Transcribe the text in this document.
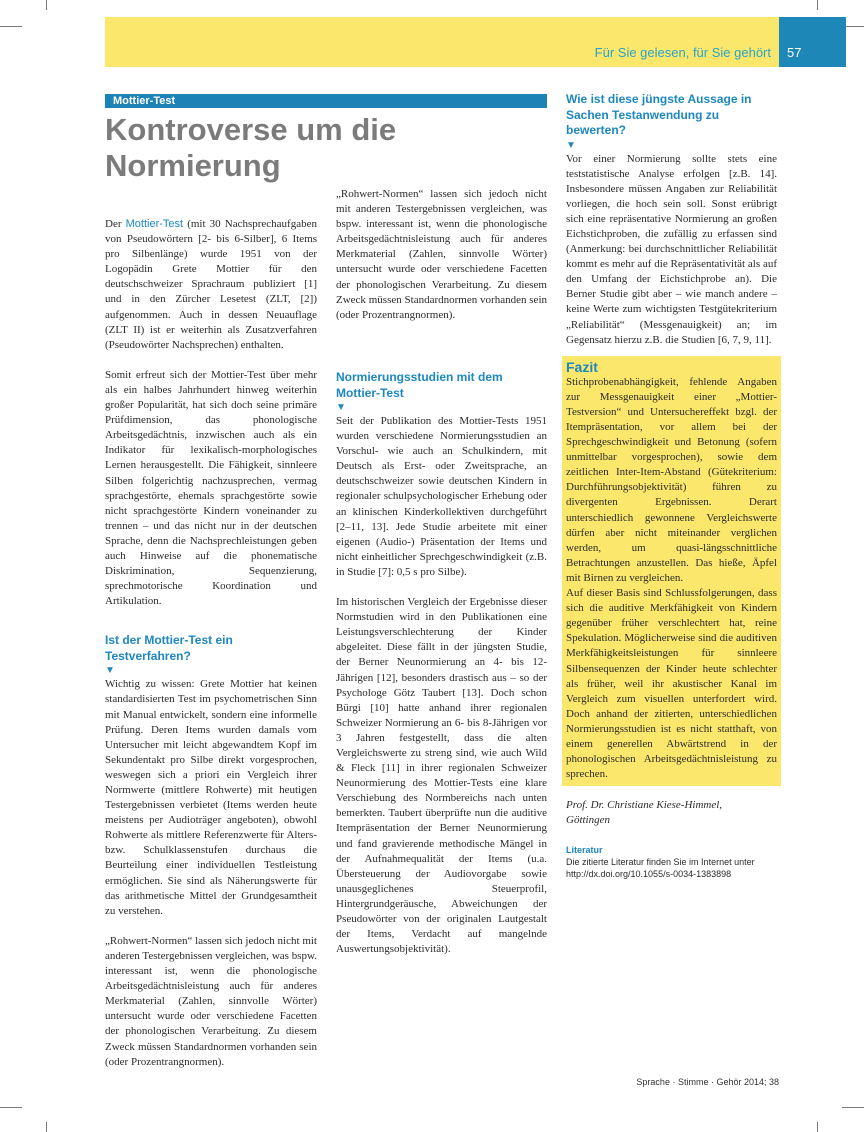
Für Sie gelesen, für Sie gehört 57
Mottier-Test
Kontroverse um die Normierung

Der Mottier-Test (mit 30 Nachsprechaufgaben von Pseudowörtern [2- bis 6-Silber], 6 Items pro Silbenlänge) wurde 1951 von der Logopädin Grete Mottier für den deutschschweizer Sprachraum publiziert [1] und in den Zürcher Lesetest (ZLT, [2]) aufgenommen. Auch in dessen Neuauflage (ZLT II) ist er weiterhin als Zusatzverfahren (Pseudowörter Nachsprechen) enthalten.

Somit erfreut sich der Mottier-Test über mehr als ein halbes Jahrhundert hinweg weiterhin großer Popularität, hat sich doch seine primäre Prüfdimension, das phonologische Arbeitsgedächtnis, inzwischen auch als ein Indikator für lexikalisch-morphologisches Lernen herausgestellt. Die Fähigkeit, sinnleere Silben folgerichtig nachzusprechen, vermag sprachgestörte, ehemals sprachgestörte sowie nicht sprachgestörte Kindern voneinander zu trennen – und das nicht nur in der deutschen Sprache, denn die Nachsprechleistungen geben auch Hinweise auf die phonematische Diskrimination, Sequenzierung, sprechmotorische Koordination und Artikulation.

Ist der Mottier-Test ein Testverfahren?
▼

Wichtig zu wissen: Grete Mottier hat keinen standardisierten Test im psychometrischen Sinn mit Manual entwickelt, sondern eine informelle Prüfung. Deren Items wurden damals vom Untersucher mit leicht abgewandtem Kopf im Sekundentakt pro Silbe direkt vorgesprochen, weswegen sich a priori ein Vergleich ihrer Normwerte (mittlere Rohwerte) mit heutigen Testergebnissen verbietet (Items werden heute meistens per Audioträger angeboten), obwohl Rohwerte als mittlere Referenzwerte für Alters- bzw. Schulklassenstufen durchaus die Beurteilung einer individuellen Testleistung ermöglichen. Sie sind als Näherungswerte für das arithmetische Mittel der Grundgesamtheit zu verstehen.

„Rohwert-Normen“ lassen sich jedoch nicht mit anderen Testergebnissen vergleichen, was bspw. interessant ist, wenn die phonologische Arbeitsgedächtnisleistung auch für anderes Merkmaterial (Zahlen, sinnvolle Wörter) untersucht wurde oder verschiedene Facetten der phonologischen Verarbeitung. Zu diesem Zweck müssen Standardnormen vorhanden sein (oder Prozentrangnormen).

„Rohwert-Normen“ lassen sich jedoch nicht mit anderen Testergebnissen vergleichen, was bspw. interessant ist, wenn die phonologische Arbeitsgedächtnisleistung auch für anderes Merkmaterial (Zahlen, sinnvolle Wörter) untersucht wurde oder verschiedene Facetten der phonologischen Verarbeitung. Zu diesem Zweck müssen Standardnormen vorhanden sein (oder Prozentrangnormen).

Normierungsstudien mit dem Mottier-Test
▼

Seit der Publikation des Mottier-Tests 1951 wurden verschiedene Normierungsstudien an Vorschul- wie auch an Schulkindern, mit Deutsch als Erst- oder Zweitsprache, an deutschschweizer sowie deutschen Kindern in regionaler schulpsychologischer Erhebung oder an klinischen Kinderkollektiven durchgeführt [2–11, 13]. Jede Studie arbeitete mit einer eigenen (Audio-) Präsentation der Items und nicht einheitlicher Sprechgeschwindigkeit (z.B. in Studie [7]: 0,5 s pro Silbe).

Im historischen Vergleich der Ergebnisse dieser Normstudien wird in den Publikationen eine Leistungsverschlechterung der Kinder abgeleitet. Diese fällt in der jüngsten Studie, der Berner Neunormierung an 4- bis 12-Jährigen [12], besonders drastisch aus – so der Psychologe Götz Taubert [13]. Doch schon Bürgi [10] hatte anhand ihrer regionalen Schweizer Normierung an 6- bis 8-Jährigen vor 3 Jahren festgestellt, dass die alten Vergleichswerte zu streng sind, wie auch Wild & Fleck [11] in ihrer regionalen Schweizer Neunormierung des Mottier-Tests eine klare Verschiebung des Normbereichs nach unten bemerkten. Taubert überprüfte nun die auditive Itempräsentation der Berner Neunormierung und fand gravierende methodische Mängel in der Aufnahmequalität der Items (u.a. Übersteuerung der Audiovorgabe sowie unausgeglichenes Steuerprofil, Hintergrundgeräusche, Abweichungen der Pseudowörter von der originalen Lautgestalt der Items, Verdacht auf mangelnde Auswertungsobjektivität).

Wie ist diese jüngste Aussage in Sachen Testanwendung zu bewerten?
▼

Vor einer Normierung sollte stets eine teststatistische Analyse erfolgen [z.B. 14]. Insbesondere müssen Angaben zur Reliabilität vorliegen, die hoch sein soll. Sonst erübrigt sich eine repräsentative Normierung an großen Eichstichproben, die zufällig zu erfassen sind (Anmerkung: bei durchschnittlicher Reliabilität kommt es mehr auf die Repräsentativität als auf den Umfang der Eichstichprobe an). Die Berner Studie gibt aber – wie manch andere – keine Werte zum wichtigsten Testgütekriterium „Reliabilität“ (Messgenauigkeit) an; im Gegensatz hierzu z.B. die Studien [6, 7, 9, 11].

Fazit

Stichprobenabhängigkeit, fehlende Angaben zur Messgenauigkeit einer „Mottier-Testversion“ und Untersuchereffekt bzgl. der Itempräsentation, vor allem bei der Sprechgeschwindigkeit und Betonung (sofern unmittelbar vorgesprochen), sowie dem zeitlichen Inter-Item-Abstand (Gütekriterium: Durchführungsobjektivität) führen zu divergenten Ergebnissen. Derart unterschiedlich gewonnene Vergleichswerte dürfen aber nicht miteinander verglichen werden, um quasi-längsschnittliche Betrachtungen anzustellen. Das hieße, Äpfel mit Birnen zu vergleichen.

Auf dieser Basis sind Schlussfolgerungen, dass sich die auditive Merkfähigkeit von Kindern gegenüber früher verschlechtert hat, reine Spekulation. Möglicherweise sind die auditiven Merkfähigkeitsleistungen für sinnleere Silbensequenzen der Kinder heute schlechter als früher, weil ihr akustischer Kanal im Vergleich zum visuellen unterfordert wird. Doch anhand der zitierten, unterschiedlichen Normierungsstudien ist es nicht statthaft, von einem generellen Abwärtstrend in der phonologischen Arbeitsgedächtnisleistung zu sprechen.

Prof. Dr. Christiane Kiese-Himmel,
Göttingen
Literatur
Die zitierte Literatur finden Sie im Internet unter http://dx.doi.org/10.1055/s-0034-1383898
Sprache · Stimme · Gehör 2014; 38
